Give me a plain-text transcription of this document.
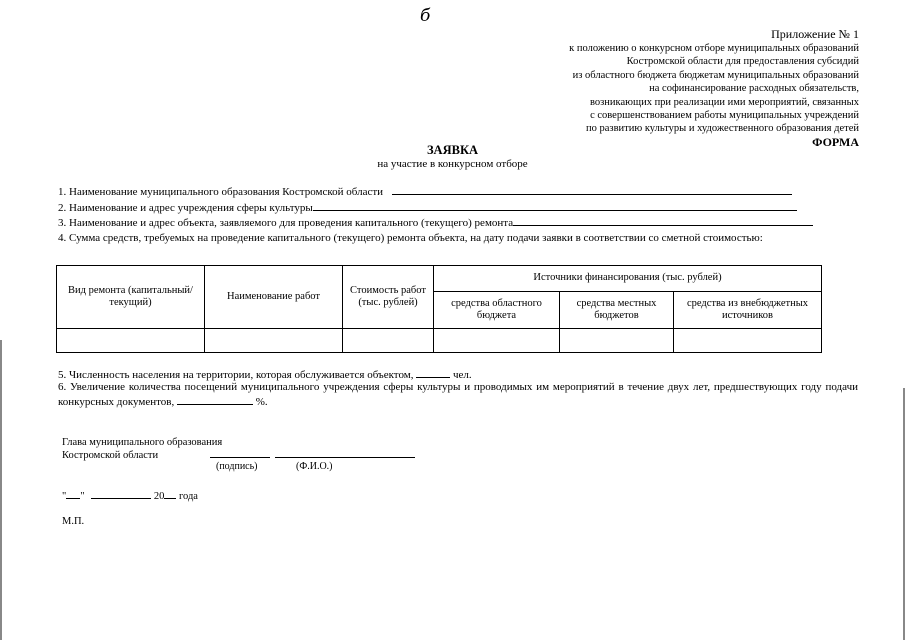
б
Приложение № 1
к положению о конкурсном отборе муниципальных образований
Костромской области для предоставления субсидий
из областного бюджета бюджетам муниципальных образований
на софинансирование расходных обязательств,
возникающих при реализации ими мероприятий, связанных
с совершенствованием работы муниципальных учреждений
по развитию культуры и художественного образования детей
ФОРМА
ЗАЯВКА
на участие в конкурсном отборе
1. Наименование муниципального образования Костромской области
2. Наименование и адрес учреждения сферы культуры
3. Наименование и адрес объекта, заявляемого для проведения капитального (текущего) ремонта
4. Сумма средств, требуемых на проведение капитального (текущего) ремонта объекта, на дату подачи заявки в соответствии со сметной стоимостью:
Вид ремонта (капитальный/текущий)	Наименование работ	Стоимость работ (тыс. рублей)	Источники финансирования (тыс. рублей)		
			средства областного бюджета	средства местных бюджетов	средства из внебюджетных источников

5. Численность населения на территории, которая обслуживается объектом,	чел.
6. Увеличение количества посещений муниципального учреждения сферы культуры и проводимых им мероприятий в течение двух лет, предшествующих году подачи конкурсных документов,	%.
Глава муниципального образования
Костромской области
(подпись)	(Ф.И.О.)
" "	20 года
М.П.
